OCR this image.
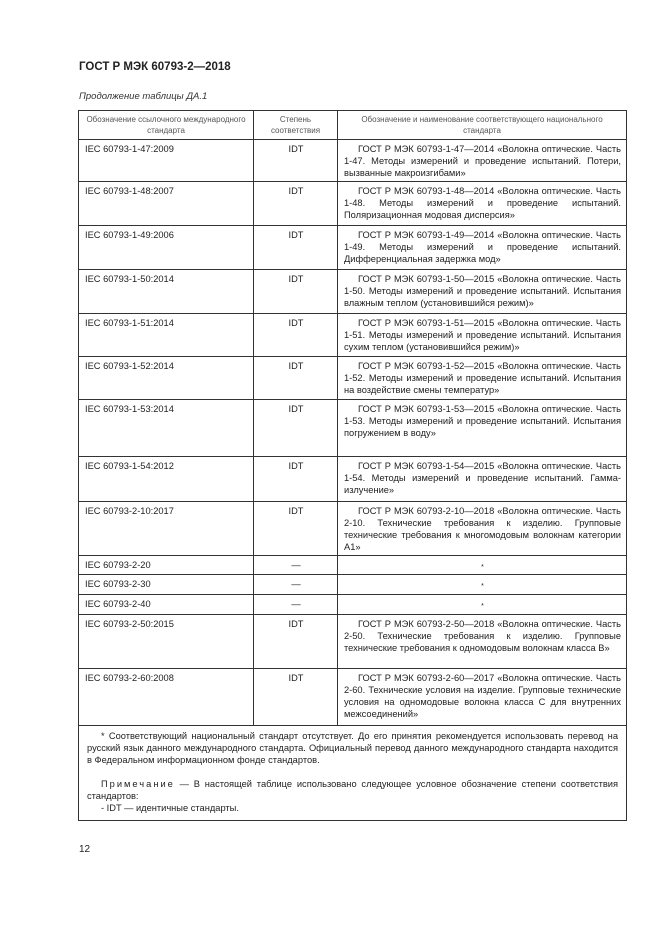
ГОСТ Р МЭК 60793-2—2018
Продолжение таблицы ДА.1
Обозначение ссылочного международного стандарта	Степень соответствия	Обозначение и наименование соответствующего национального стандарта
IEC 60793-1-47:2009	IDT	ГОСТ Р МЭК 60793-1-47—2014 «Волокна оптические. Часть 1-47. Методы измерений и проведение испытаний. Потери, вызванные макроизгибами»

IEC 60793-1-48:2007	IDT	ГОСТ Р МЭК 60793-1-48—2014 «Волокна оптические. Часть 1-48. Методы измерений и проведение испытаний. Поляризационная модовая дисперсия»

IEC 60793-1-49:2006	IDT	ГОСТ Р МЭК 60793-1-49—2014 «Волокна оптические. Часть 1-49. Методы измерений и проведение испытаний. Дифференциальная задержка мод»

IEC 60793-1-50:2014	IDT	ГОСТ Р МЭК 60793-1-50—2015 «Волокна оптические. Часть 1-50. Методы измерений и проведение испытаний. Испытания влажным теплом (установившийся режим)»

IEC 60793-1-51:2014	IDT	ГОСТ Р МЭК 60793-1-51—2015 «Волокна оптические. Часть 1-51. Методы измерений и проведение испытаний. Испытания сухим теплом (установившийся режим)»

IEC 60793-1-52:2014	IDT	ГОСТ Р МЭК 60793-1-52—2015 «Волокна оптические. Часть 1-52. Методы измерений и проведение испытаний. Испытания на воздействие смены температур»

IEC 60793-1-53:2014	IDT	ГОСТ Р МЭК 60793-1-53—2015 «Волокна оптические. Часть 1-53. Методы измерений и проведение испытаний. Испытания погружением в воду»

IEC 60793-1-54:2012	IDT	ГОСТ Р МЭК 60793-1-54—2015 «Волокна оптические. Часть 1-54. Методы измерений и проведение испытаний. Гамма-излучение»

IEC 60793-2-10:2017	IDT	ГОСТ Р МЭК 60793-2-10—2018 «Волокна оптические. Часть 2-10. Технические требования к изделию. Групповые технические требования к многомодовым волокнам категории А1»

IEC 60793-2-20	—	*

IEC 60793-2-30	—	*

IEC 60793-2-40	—	*

IEC 60793-2-50:2015	IDT	ГОСТ Р МЭК 60793-2-50—2018 «Волокна оптические. Часть 2-50. Технические требования к изделию. Групповые технические требования к одномодовым волокнам класса В»

IEC 60793-2-60:2008	IDT	ГОСТ Р МЭК 60793-2-60—2017 «Волокна оптические. Часть 2-60. Технические условия на изделие. Групповые технические условия на одномодовые волокна класса С для внутренних межсоединений»

* Соответствующий национальный стандарт отсутствует. До его принятия рекомендуется использовать перевод на русский язык данного международного стандарта. Официальный перевод данного международного стандарта находится в Федеральном информационном фонде стандартов.

Примечание — В настоящей таблице использовано следующее условное обозначение степени соответствия стандартов:

- IDT — идентичные стандарты.		

12
